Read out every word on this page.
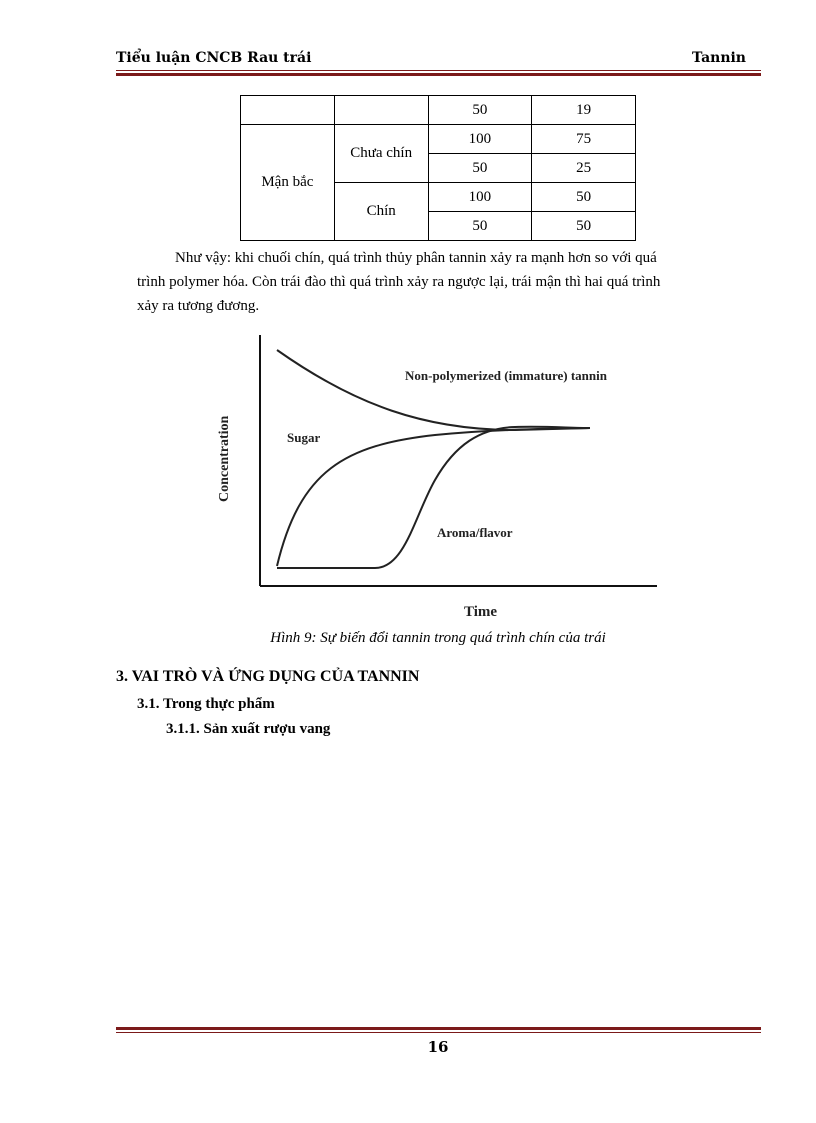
Tiểu luận CNCB Rau trái	Tannin
		50	19
Mận bắc	Chưa chín	100	75
		50	25
	Chín	100	50
		50	50
Như vậy: khi chuối chín, quá trình thủy phân tannin xảy ra mạnh hơn so với quá
trình polymer hóa. Còn trái đào thì quá trình xảy ra ngược lại, trái mận thì hai quá trình
xảy ra tương đương.
Non-polymerized (immature) tannin
Sugar
Aroma/flavor
Concentration
Time
Hình 9: Sự biến đổi tannin trong quá trình chín của trái
3. VAI TRÒ VÀ ỨNG DỤNG CỦA TANNIN
3.1. Trong thực phẩm
3.1.1. Sản xuất rượu vang
16
